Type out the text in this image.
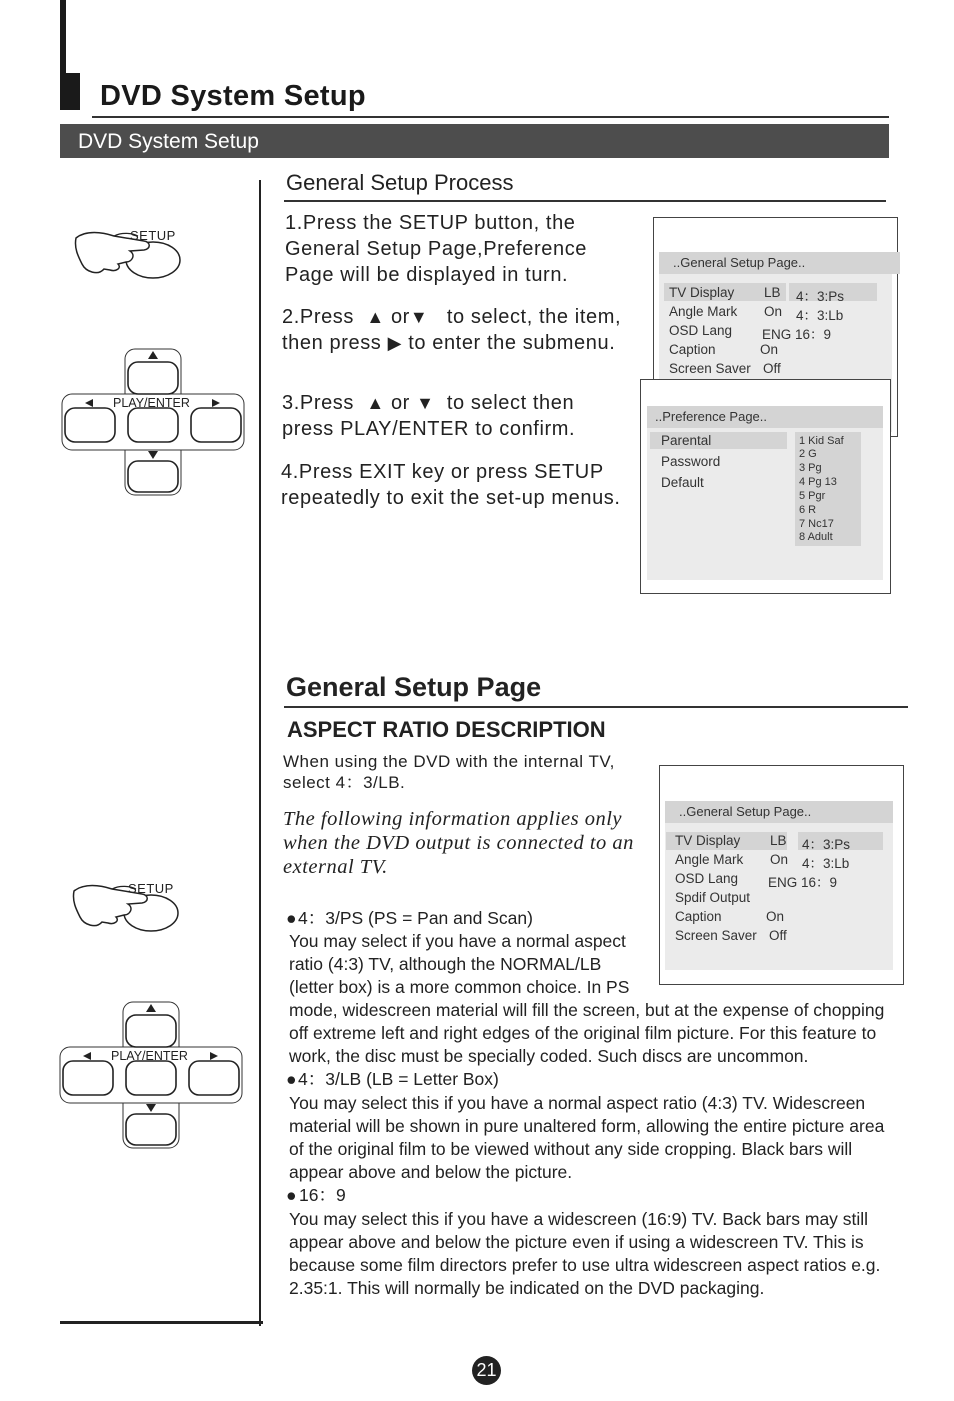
DVD System Setup
DVD System Setup
SETUP
PLAY/ENTER
General Setup Process
1.Press the SETUP button, the General Setup Page,Preference Page will be displayed in turn.
2.Press ▲ or▼ to select, the item, then press ▶ to enter the submenu.
3.Press ▲ or ▼ to select then press PLAY/ENTER to confirm.
4.Press EXIT key or press SETUP repeatedly to exit the set-up menus.
..General Setup Page..
TV Display LB 4：3:Ps
Angle Mark On 4：3:Lb
OSD Lang ENG 16：9
Caption	On
Screen Saver Off
..Preference Page..
Parental
Password
Default
1 Kid Saf
2 G
3 Pg
4 Pg 13
5 Pgr
6 R
7 Nc17
8 Adult
General Setup Page
ASPECT RATIO DESCRIPTION
When using the DVD with the internal TV, select 4：3/LB.
The following information applies only when the DVD output is connected to an external TV.
..General Setup Page..
TV Display LB 4：3:Ps
Angle Mark On 4：3:Lb
OSD Lang ENG 16：9
Spdif Output
Caption	On
Screen Saver Off
SETUP
PLAY/ENTER
● 4：3/PS (PS = Pan and Scan)
You may select if you have a normal aspect
ratio (4:3) TV, although the NORMAL/LB
(letter box) is a more common choice. In PS
mode, widescreen material will fill the screen, but at the expense of chopping
off extreme left and right edges of the original film picture. For this feature to
work, the disc must be specially coded. Such discs are uncommon.
● 4：3/LB (LB = Letter Box)
You may select this if you have a normal aspect ratio (4:3) TV. Widescreen
material will be shown in pure unaltered form, allowing the entire picture area
of the original film to be viewed without any side cropping. Black bars will
appear above and below the picture.
● 16：9
You may select this if you have a widescreen (16:9) TV. Back bars may still
appear above and below the picture even if using a widescreen TV. This is
because some film directors prefer to use ultra widescreen aspect ratios e.g.
2.35:1. This will normally be indicated on the DVD packaging.
21
